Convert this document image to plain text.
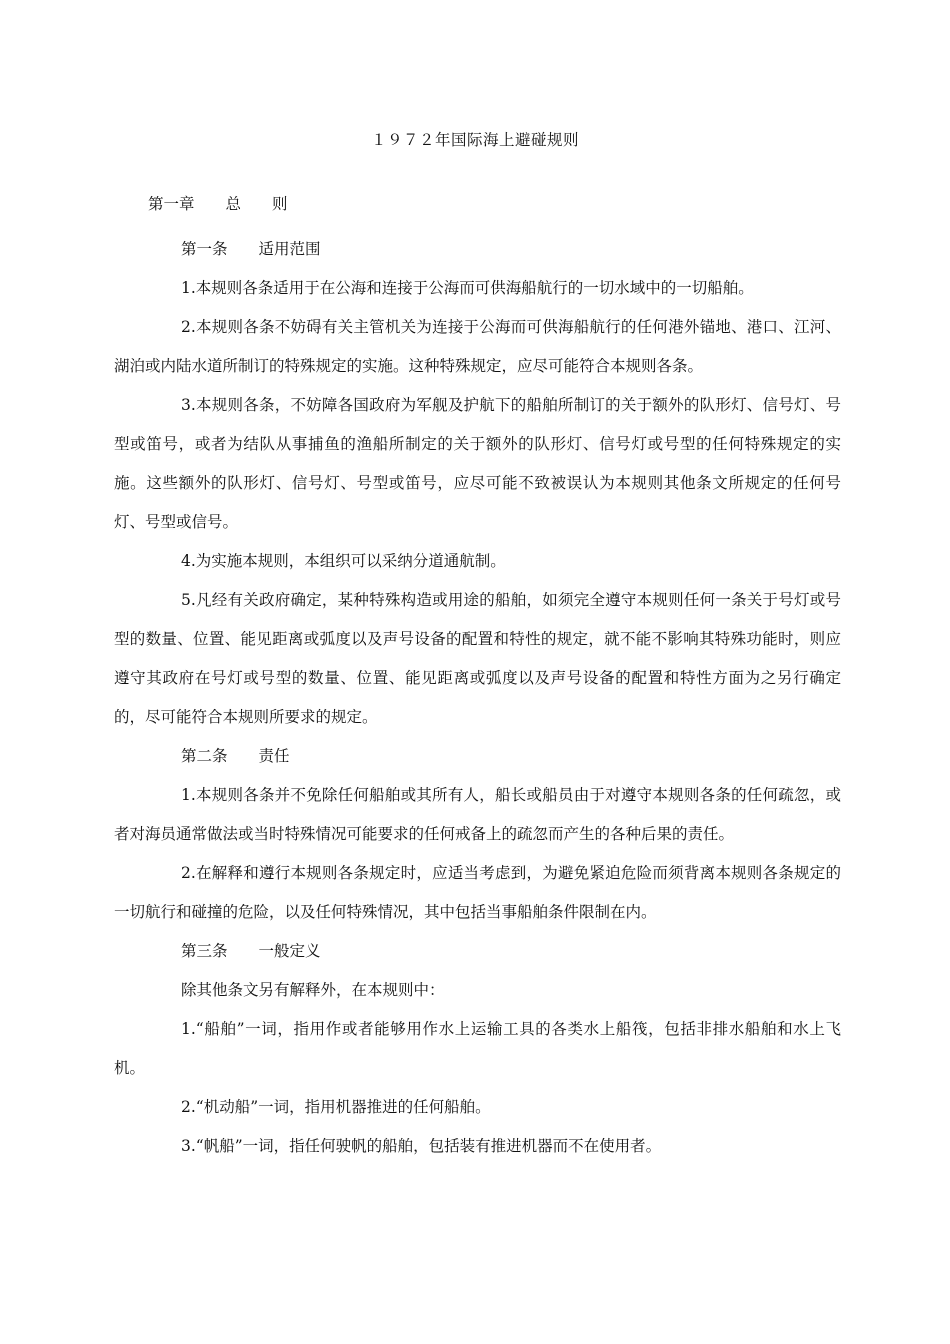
１９７２年国际海上避碰规则
第一章　　总　　则

第一条　　适用范围

1.本规则各条适用于在公海和连接于公海而可供海船航行的一切水域中的一切船舶。

2.本规则各条不妨碍有关主管机关为连接于公海而可供海船航行的任何港外锚地、港口、江河、湖泊或内陆水道所制订的特殊规定的实施。这种特殊规定，应尽可能符合本规则各条。

3.本规则各条，不妨障各国政府为军舰及护航下的船舶所制订的关于额外的队形灯、信号灯、号型或笛号，或者为结队从事捕鱼的渔船所制定的关于额外的队形灯、信号灯或号型的任何特殊规定的实施。这些额外的队形灯、信号灯、号型或笛号，应尽可能不致被误认为本规则其他条文所规定的任何号灯、号型或信号。

4.为实施本规则，本组织可以采纳分道通航制。

5.凡经有关政府确定，某种特殊构造或用途的船舶，如须完全遵守本规则任何一条关于号灯或号型的数量、位置、能见距离或弧度以及声号设备的配置和特性的规定，就不能不影响其特殊功能时，则应遵守其政府在号灯或号型的数量、位置、能见距离或弧度以及声号设备的配置和特性方面为之另行确定的，尽可能符合本规则所要求的规定。

第二条　　责任

1.本规则各条并不免除任何船舶或其所有人，船长或船员由于对遵守本规则各条的任何疏忽，或者对海员通常做法或当时特殊情况可能要求的任何戒备上的疏忽而产生的各种后果的责任。

2.在解释和遵行本规则各条规定时，应适当考虑到，为避免紧迫危险而须背离本规则各条规定的一切航行和碰撞的危险，以及任何特殊情况，其中包括当事船舶条件限制在内。

第三条　　一般定义

除其他条文另有解释外，在本规则中：

1.“船舶”一词，指用作或者能够用作水上运输工具的各类水上船筏，包括非排水船舶和水上飞机。

2.“机动船”一词，指用机器推进的任何船舶。

3.“帆船”一词，指任何驶帆的船舶，包括装有推进机器而不在使用者。
